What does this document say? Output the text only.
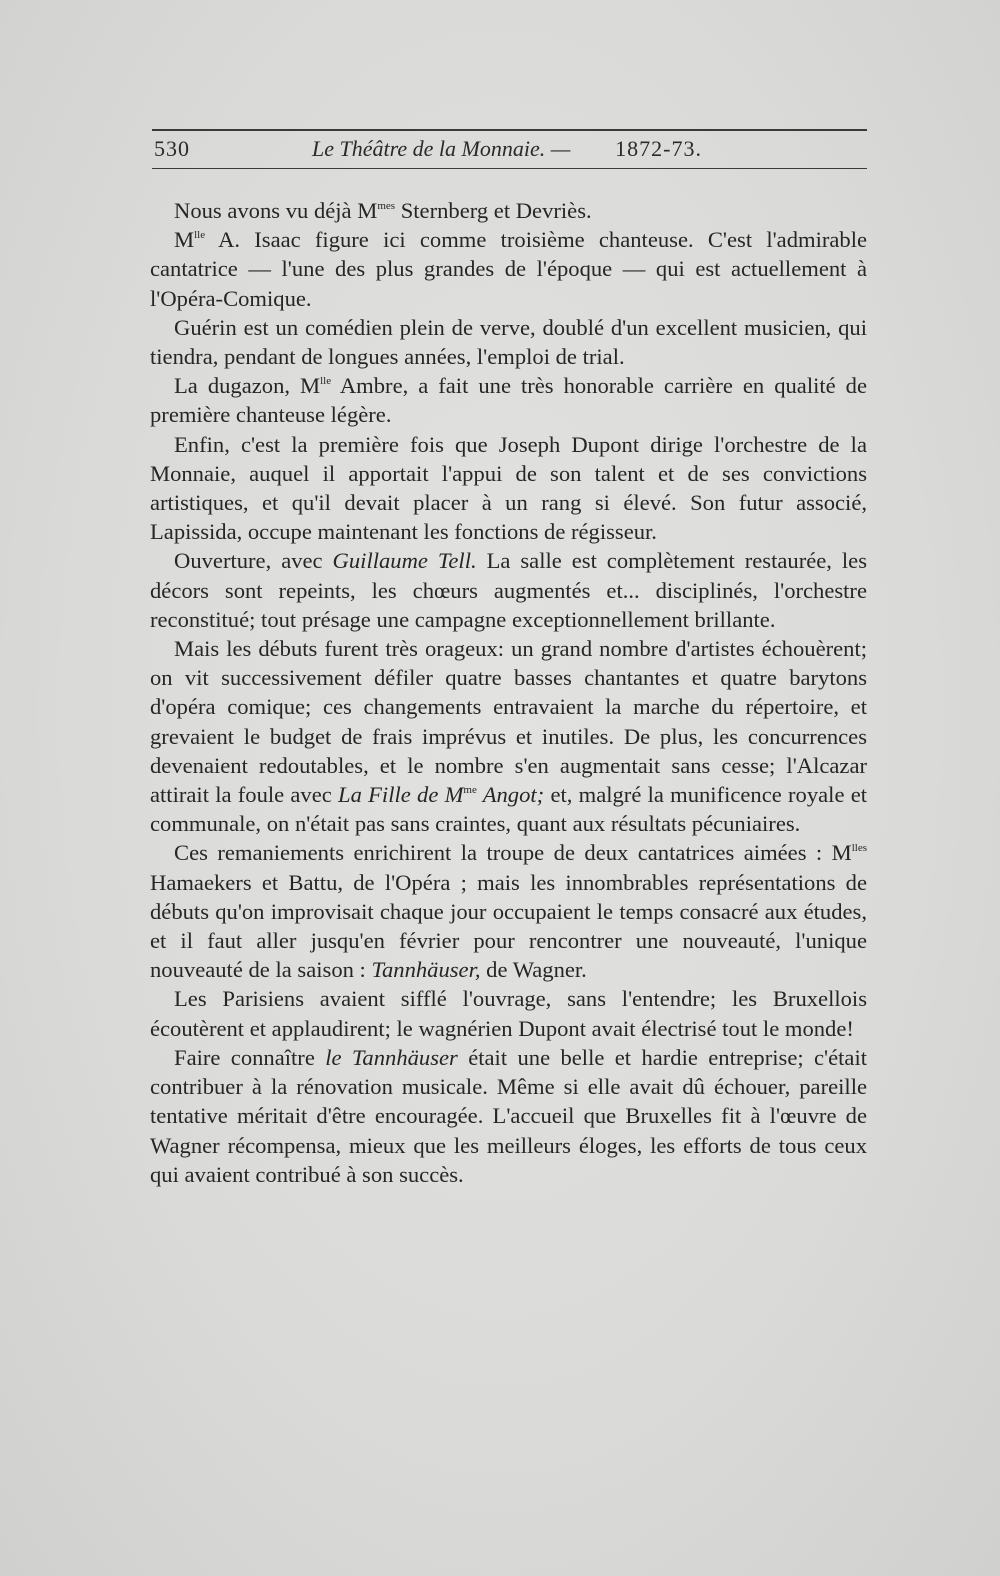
530	Le Théâtre de la Monnaie. — 1872-73.

Nous avons vu déjà $M^{mes}$ Sternberg et Devriès.

$M^{lle}$ A. Isaac figure ici comme troisième chanteuse. C'est l'admirable cantatrice — l'une des plus grandes de l'époque — qui est actuellement à l'Opéra-Comique.

Guérin est un comédien plein de verve, doublé d'un excellent musicien, qui tiendra, pendant de longues années, l'emploi de trial.

La dugazon, $M^{lle}$ Ambre, a fait une très honorable carrière en qualité de première chanteuse légère.

Enfin, c'est la première fois que Joseph Dupont dirige l'orchestre de la Monnaie, auquel il apportait l'appui de son talent et de ses convictions artistiques, et qu'il devait placer à un rang si élevé. Son futur associé, Lapissida, occupe maintenant les fonctions de régisseur.

Ouverture, avec Guillaume Tell. La salle est complètement restaurée, les décors sont repeints, les chœurs augmentés et... disciplinés, l'orchestre reconstitué; tout présage une campagne exceptionnellement brillante.

Mais les débuts furent très orageux: un grand nombre d'artistes échouèrent; on vit successivement défiler quatre basses chantantes et quatre barytons d'opéra comique; ces changements entravaient la marche du répertoire, et grevaient le budget de frais imprévus et inutiles. De plus, les concurrences devenaient redoutables, et le nombre s'en augmentait sans cesse; l'Alcazar attirait la foule avec La Fille de $M^{me}$ Angot; et, malgré la munificence royale et communale, on n'était pas sans craintes, quant aux résultats pécuniaires.

Ces remaniements enrichirent la troupe de deux cantatrices aimées : $M^{lles}$ Hamaekers et Battu, de l'Opéra ; mais les innombrables représentations de débuts qu'on improvisait chaque jour occupaient le temps consacré aux études, et il faut aller jusqu'en février pour rencontrer une nouveauté, l'unique nouveauté de la saison : Tannhäuser, de Wagner.

Les Parisiens avaient sifflé l'ouvrage, sans l'entendre; les Bruxellois écoutèrent et applaudirent; le wagnérien Dupont avait électrisé tout le monde!

Faire connaître le Tannhäuser était une belle et hardie entreprise; c'était contribuer à la rénovation musicale. Même si elle avait dû échouer, pareille tentative méritait d'être encouragée. L'accueil que Bruxelles fit à l'œuvre de Wagner récompensa, mieux que les meilleurs éloges, les efforts de tous ceux qui avaient contribué à son succès.
